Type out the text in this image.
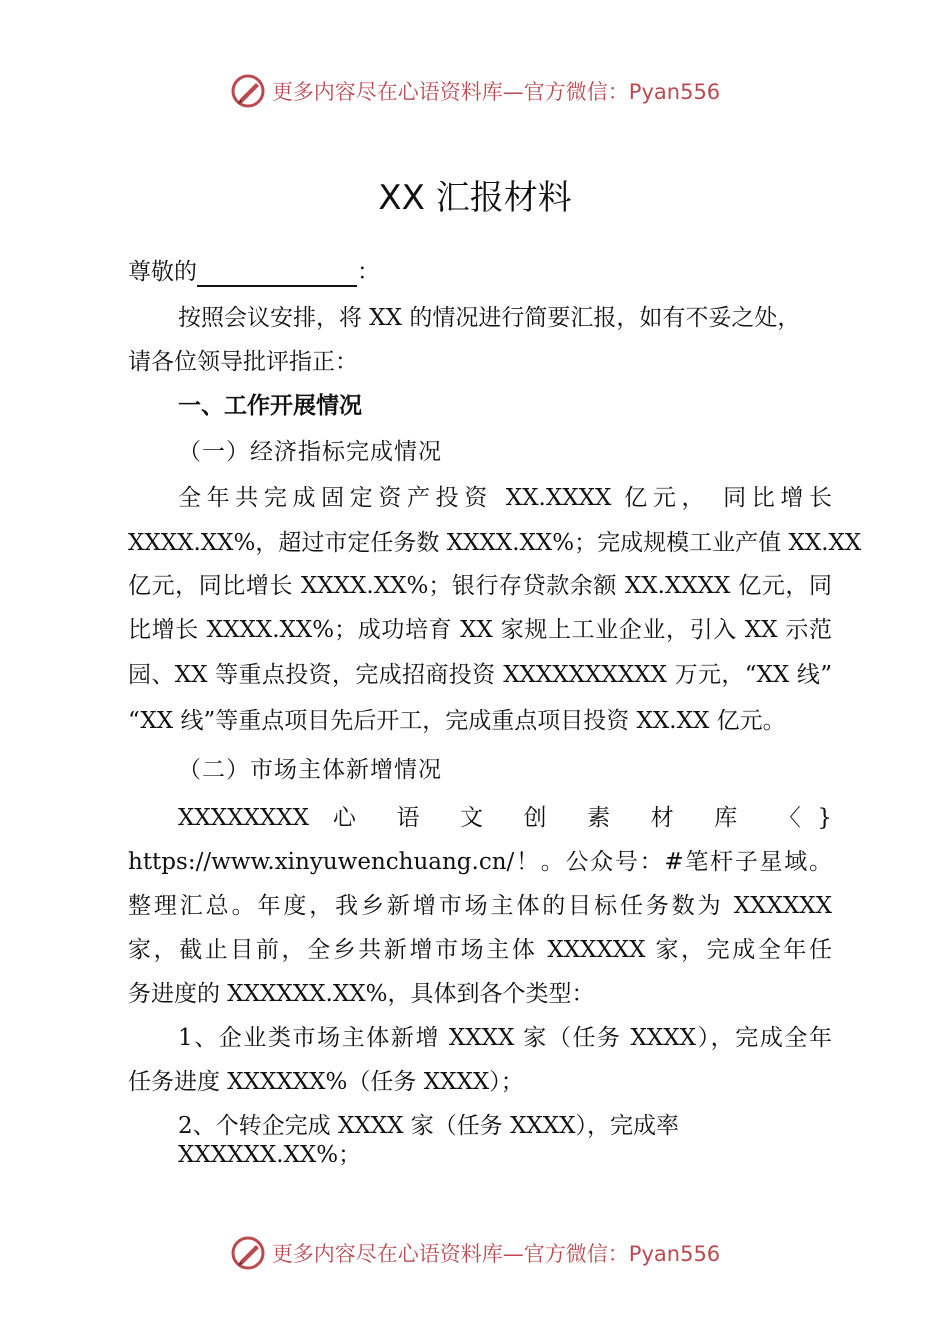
更多内容尽在心语资料库—官方微信：Pyan556
XX 汇报材料
尊敬的	：
按照会议安排，将 XX 的情况进行简要汇报，如有不妥之处，
请各位领导批评指正：
一、工作开展情况
（一）经济指标完成情况
全年共完成固定资产投资 XX.XXXX 亿元， 同比增长
XXXX.XX%，超过市定任务数 XXXX.XX%；完成规模工业产值 XX.XX
亿元，同比增长 XXXX.XX%；银行存贷款余额 XX.XXXX 亿元，同
比增长 XXXX.XX%；成功培育 XX 家规上工业企业，引入 XX 示范
园、XX 等重点投资，完成招商投资 XXXXXXXXXX 万元，“XX 线”
“XX 线”等重点项目先后开工，完成重点项目投资 XX.XX 亿元。
（二）市场主体新增情况
XXXXXXXX 心 语 文 创 素 材 库 〈}
https://www.xinyuwenchuang.cn/！。公众号：#笔杆子星域。
整理汇总。年度，我乡新增市场主体的目标任务数为 XXXXXX
家，截止目前，全乡共新增市场主体 XXXXXX 家，完成全年任
务进度的 XXXXXX.XX%，具体到各个类型：
1、企业类市场主体新增 XXXX 家（任务 XXXX），完成全年
任务进度 XXXXXX%（任务 XXXX）；
2、个转企完成 XXXX 家（任务 XXXX），完成率
XXXXXX.XX%；
更多内容尽在心语资料库—官方微信：Pyan556
